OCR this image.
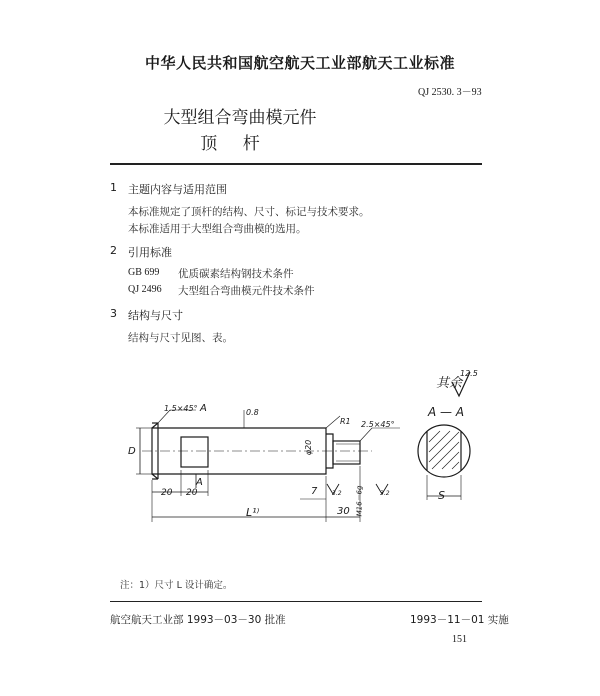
中华人民共和国航空航天工业部航天工业标准
QJ 2530. 3－93
大型组合弯曲模元件
顶 杆
1 主题内容与适用范围
本标准规定了顶杆的结构、尺寸、标记与技术要求。
本标准适用于大型组合弯曲模的选用。
2 引用标准
GB 699 优质碳素结构钢技术条件
QJ 2496 大型组合弯曲模元件技术条件
3 结构与尺寸
结构与尺寸见图、表。
其余
12.5
A — A
1.5×45° A	0.8
R1 2.5×45°
D	φ20
20 20
A
L¹⁾	30
7	M16－6g
3.2	3.2	S
注：1）尺寸 L 设计确定。
航空航天工业部 1993－03－30 批准	1993－11－01 实施
151
